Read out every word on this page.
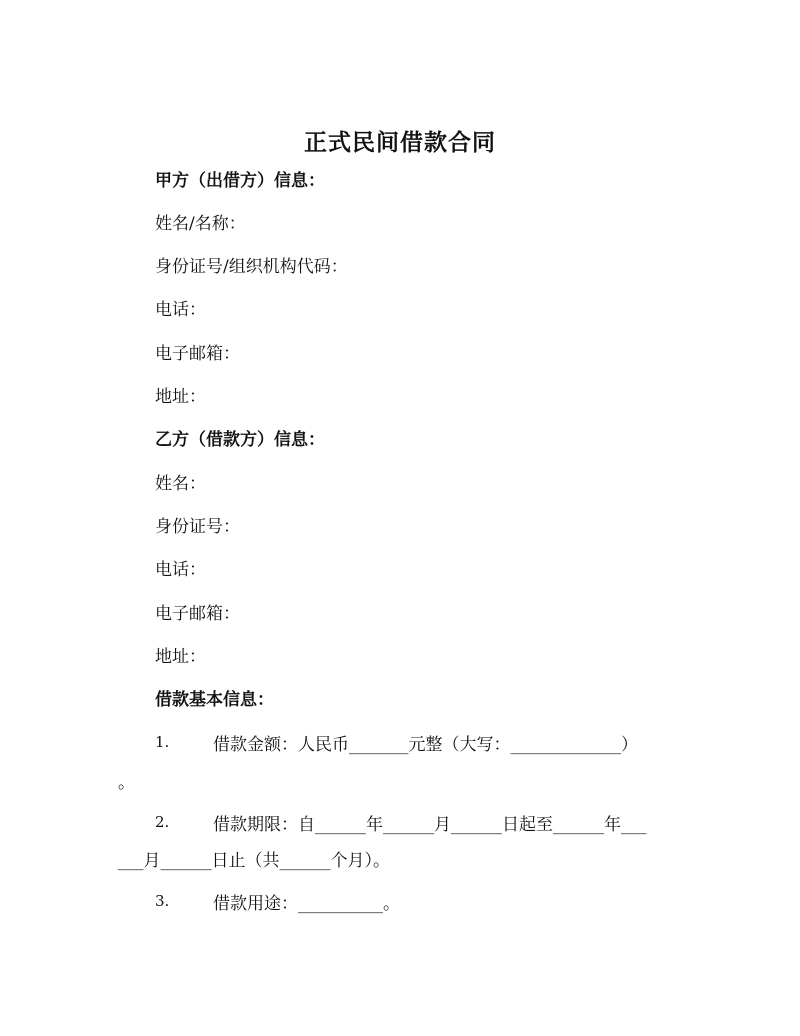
正式民间借款合同
甲方（出借方）信息：
姓名/名称：
身份证号/组织机构代码：
电话：
电子邮箱：
地址：
乙方（借款方）信息：
姓名：
身份证号：
电话：
电子邮箱：
地址：
借款基本信息：
1.	借款金额：人民币_______元整（大写：_____________）
。
2.	借款期限：自______年______月______日起至______年___
___月______日止（共______个月）。
3.	借款用途：__________。
